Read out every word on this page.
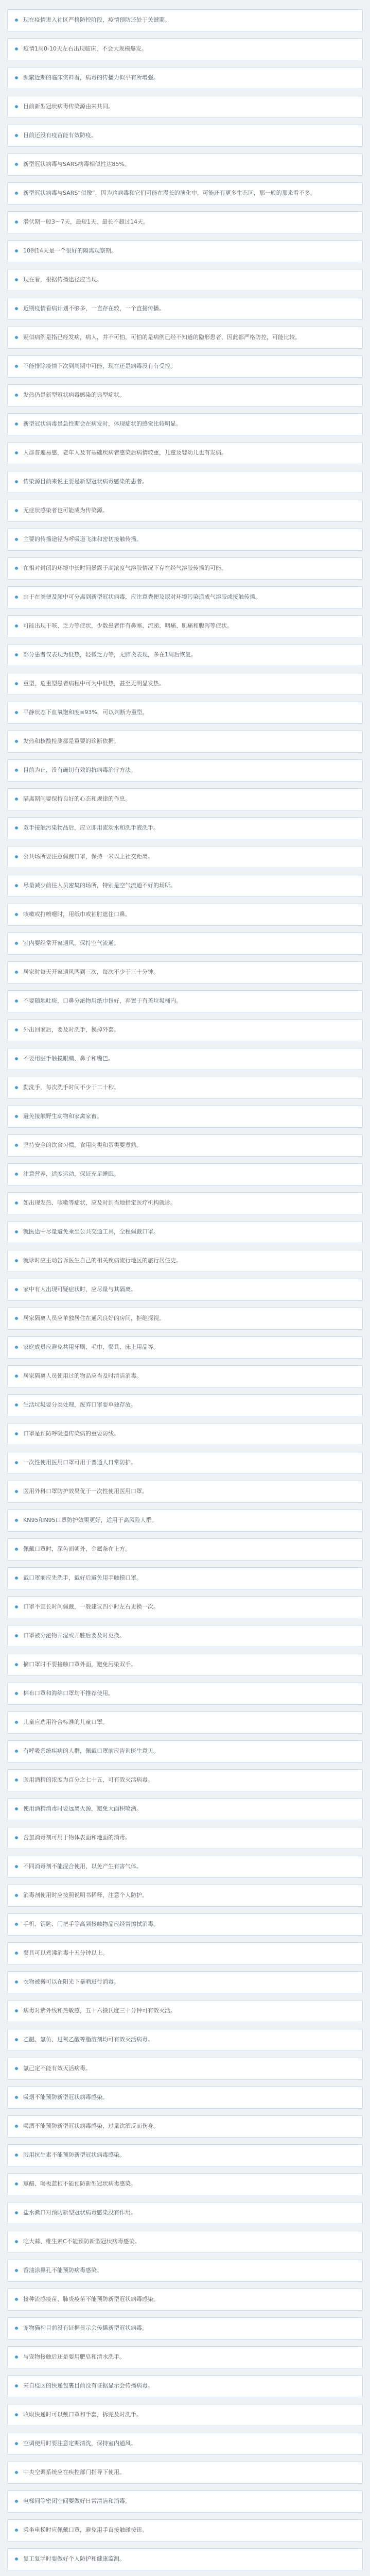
现在疫情进入社区严格防控阶段，疫情预防还处于关键期。
疫情1周0-10天左右出现临床，不会大规模爆发。
频繁近期的临床资料看，病毒的传播力似乎有所增强。
目前新型冠状病毒传染源由来共同。
目前还没有疫苗能有效防疫。
新型冠状病毒与SARS病毒相似性达85%。
新型冠状病毒与SARS“似像”，因为这病毒和它们可能在漫长的演化中，可能还有更多生态区，那一般的那来看不多。
潜伏期一般3～7天，最短1天，最长不超过14天。
10例14天是一个很好的隔离观察期。
现在看，根据传播途径应当现。
近期疫情看病计划不够多，一直存在较，一个直接传播。
疑似病例是指已经发病，病人，并不可怕，可怕的是病例已经不知道的隐形患者，因此都严格防控，可能比较。
不能排除疫情下次到周期中可能，现在还是病毒没有有受控。
发热仍是新型冠状病毒感染的典型症状。
新型冠状病毒是急性期会在病发时，体现症状的感觉比较明显。
人群普遍易感，老年人及有基础疾病者感染后病情较重，儿童及婴幼儿也有发病。
传染源目前来说主要是新型冠状病毒感染的患者。
无症状感染者也可能成为传染源。
主要的传播途径为呼吸道飞沫和密切接触传播。
在相对封闭的环境中长时间暴露于高浓度气溶胶情况下存在经气溶胶传播的可能。
由于在粪便及尿中可分离到新型冠状病毒，应注意粪便及尿对环境污染造成气溶胶或接触传播。
可能出现干咳、乏力等症状，少数患者伴有鼻塞、流涕、咽痛、肌痛和腹泻等症状。
部分患者仅表现为低热，轻微乏力等，无肺炎表现，多在1周后恢复。
重型、危重型患者病程中可为中低热，甚至无明显发热。
平静状态下血氧饱和度≤93%，可以判断为重型。
发热和核酸检测都是重要的诊断依据。
目前为止，没有确切有效的抗病毒治疗方法。
隔离期间要保持良好的心态和规律的作息。
双手接触污染物品后，应立即用流动水和洗手液洗手。
公共场所要注意佩戴口罩，保持一米以上社交距离。
尽量减少前往人员密集的场所，特别是空气流通不好的场所。
咳嗽或打喷嚏时，用纸巾或袖肘遮住口鼻。
室内要经常开窗通风，保持空气流通。
居家时每天开窗通风两到三次，每次不少于三十分钟。
不要随地吐痰，口鼻分泌物用纸巾包好，弃置于有盖垃圾桶内。
外出回家后，要及时洗手，换掉外套。
不要用脏手触摸眼睛、鼻子和嘴巴。
勤洗手，每次洗手时间不少于二十秒。
避免接触野生动物和家禽家畜。
坚持安全的饮食习惯，食用肉类和蛋类要煮熟。
注意营养，适度运动，保证充足睡眠。
如出现发热、咳嗽等症状，应及时到当地指定医疗机构就诊。
就医途中尽量避免乘坐公共交通工具，全程佩戴口罩。
就诊时应主动告诉医生自己的相关疾病流行地区的旅行居住史。
家中有人出现可疑症状时，应尽量与其隔离。
居家隔离人员应单独居住在通风良好的房间，拒绝探视。
家庭成员应避免共用牙刷、毛巾、餐具、床上用品等。
居家隔离人员使用过的物品应当及时清洁消毒。
生活垃圾要分类处理，废弃口罩要单独存放。
口罩是预防呼吸道传染病的重要防线。
一次性使用医用口罩可用于普通人日常防护。
医用外科口罩防护效果优于一次性使用医用口罩。
KN95和N95口罩防护效果更好，适用于高风险人群。
佩戴口罩时，深色面朝外，金属条在上方。
戴口罩前应先洗手，戴好后避免用手触摸口罩。
口罩不宜长时间佩戴，一般建议四小时左右更换一次。
口罩被分泌物弄湿或弄脏后要及时更换。
摘口罩时不要接触口罩外面，避免污染双手。
棉布口罩和海绵口罩均不推荐使用。
儿童应选用符合标准的儿童口罩。
有呼吸系统疾病的人群，佩戴口罩前应咨询医生意见。
医用酒精的浓度为百分之七十五，可有效灭活病毒。
使用酒精消毒时要远离火源，避免大面积喷洒。
含氯消毒剂可用于物体表面和地面的消毒。
不同消毒剂不能混合使用，以免产生有害气体。
消毒剂使用时应按照说明书稀释，注意个人防护。
手机、钥匙、门把手等高频接触物品应经常擦拭消毒。
餐具可以煮沸消毒十五分钟以上。
衣物被褥可以在阳光下暴晒进行消毒。
病毒对紫外线和热敏感，五十六摄氏度三十分钟可有效灭活。
乙醚、氯仿、过氧乙酸等脂溶剂均可有效灭活病毒。
氯己定不能有效灭活病毒。
吸烟不能预防新型冠状病毒感染。
喝酒不能预防新型冠状病毒感染，过量饮酒反而伤身。
服用抗生素不能预防新型冠状病毒感染。
熏醋、喝板蓝根不能预防新型冠状病毒感染。
盐水漱口对预防新型冠状病毒感染没有作用。
吃大蒜、维生素C不能预防新型冠状病毒感染。
香油涂鼻孔不能预防病毒感染。
接种流感疫苗、肺炎疫苗不能预防新型冠状病毒感染。
宠物猫狗目前没有证据显示会传播新型冠状病毒。
与宠物接触后还是要用肥皂和清水洗手。
来自疫区的快递包裹目前没有证据显示会传播病毒。
收取快递时可以戴口罩和手套，拆完及时洗手。
空调使用时要注意定期清洗，保持室内通风。
中央空调系统应在疾控部门指导下使用。
电梯间等密闭空间要做好日常清洁和消毒。
乘坐电梯时应佩戴口罩，避免用手直接触碰按钮。
复工复学时要做好个人防护和健康监测。
